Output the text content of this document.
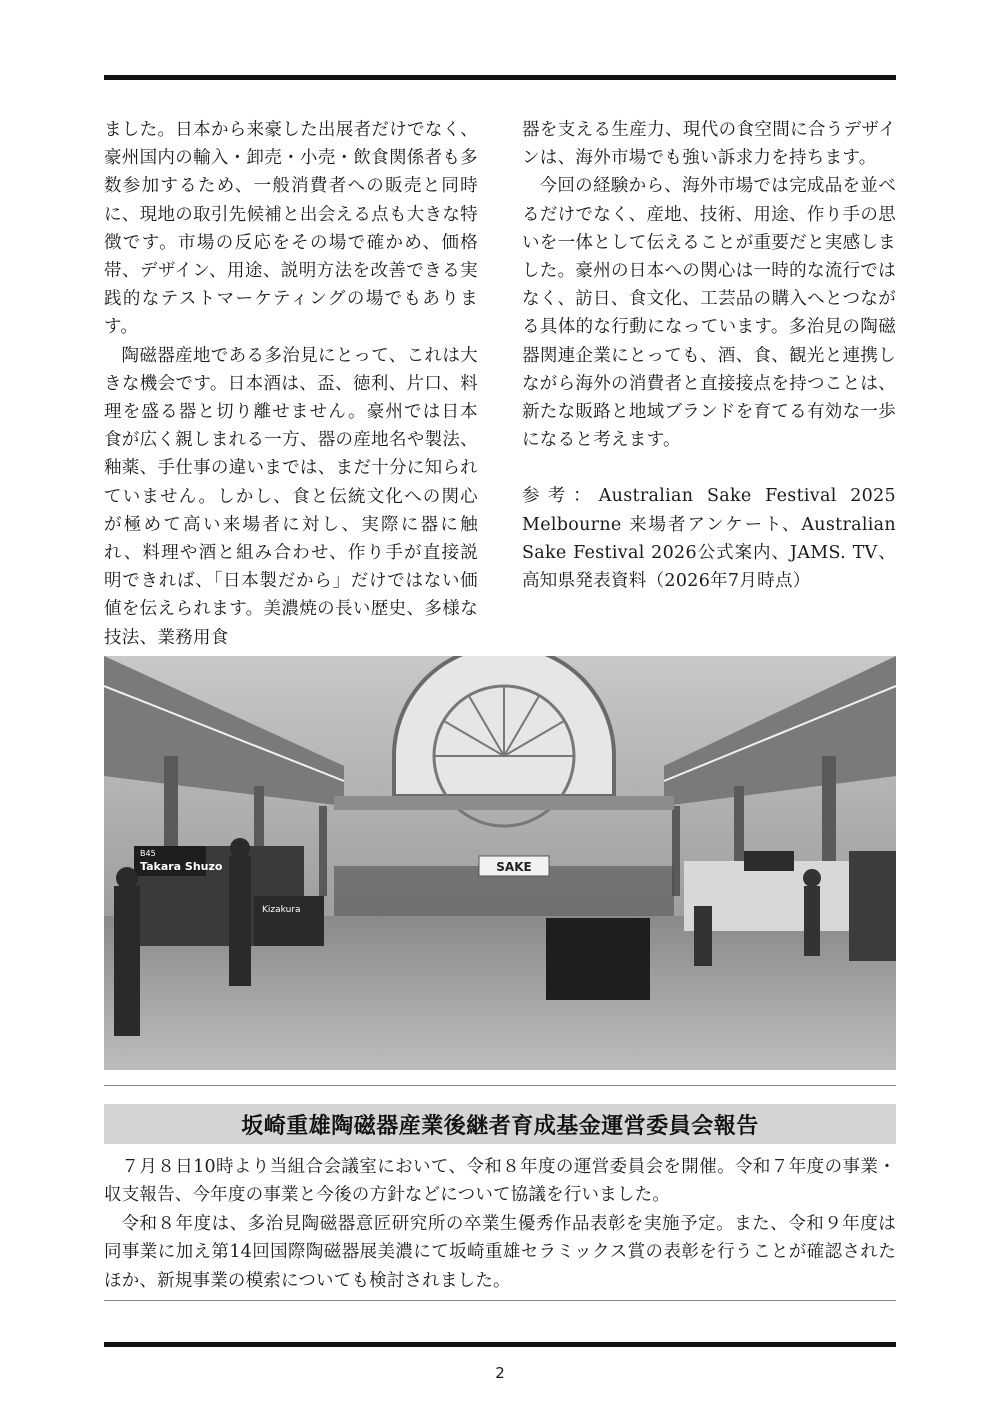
ました。日本から来豪した出展者だけでなく、豪州国内の輸入・卸売・小売・飲食関係者も多数参加するため、一般消費者への販売と同時に、現地の取引先候補と出会える点も大きな特徴です。市場の反応をその場で確かめ、価格帯、デザイン、用途、説明方法を改善できる実践的なテストマーケティングの場でもあります。

陶磁器産地である多治見にとって、これは大きな機会です。日本酒は、盃、徳利、片口、料理を盛る器と切り離せません。豪州では日本食が広く親しまれる一方、器の産地名や製法、釉薬、手仕事の違いまでは、まだ十分に知られていません。しかし、食と伝統文化への関心が極めて高い来場者に対し、実際に器に触れ、料理や酒と組み合わせ、作り手が直接説明できれば、「日本製だから」だけではない価値を伝えられます。美濃焼の長い歴史、多様な技法、業務用食

器を支える生産力、現代の食空間に合うデザインは、海外市場でも強い訴求力を持ちます。

今回の経験から、海外市場では完成品を並べるだけでなく、産地、技術、用途、作り手の思いを一体として伝えることが重要だと実感しました。豪州の日本への関心は一時的な流行ではなく、訪日、食文化、工芸品の購入へとつながる具体的な行動になっています。多治見の陶磁器関連企業にとっても、酒、食、観光と連携しながら海外の消費者と直接接点を持つことは、新たな販路と地域ブランドを育てる有効な一歩になると考えます。

参考：Australian Sake Festival 2025 Melbourne 来場者アンケート、Australian Sake Festival 2026公式案内、JAMS. TV、高知県発表資料（2026年7月時点）

B45
Takara Shuzo
Kizakura
SAKE
坂崎重雄陶磁器産業後継者育成基金運営委員会報告

７月８日10時より当組合会議室において、令和８年度の運営委員会を開催。令和７年度の事業・収支報告、今年度の事業と今後の方針などについて協議を行いました。

令和８年度は、多治見陶磁器意匠研究所の卒業生優秀作品表彰を実施予定。また、令和９年度は同事業に加え第14回国際陶磁器展美濃にて坂崎重雄セラミックス賞の表彰を行うことが確認されたほか、新規事業の模索についても検討されました。

2
